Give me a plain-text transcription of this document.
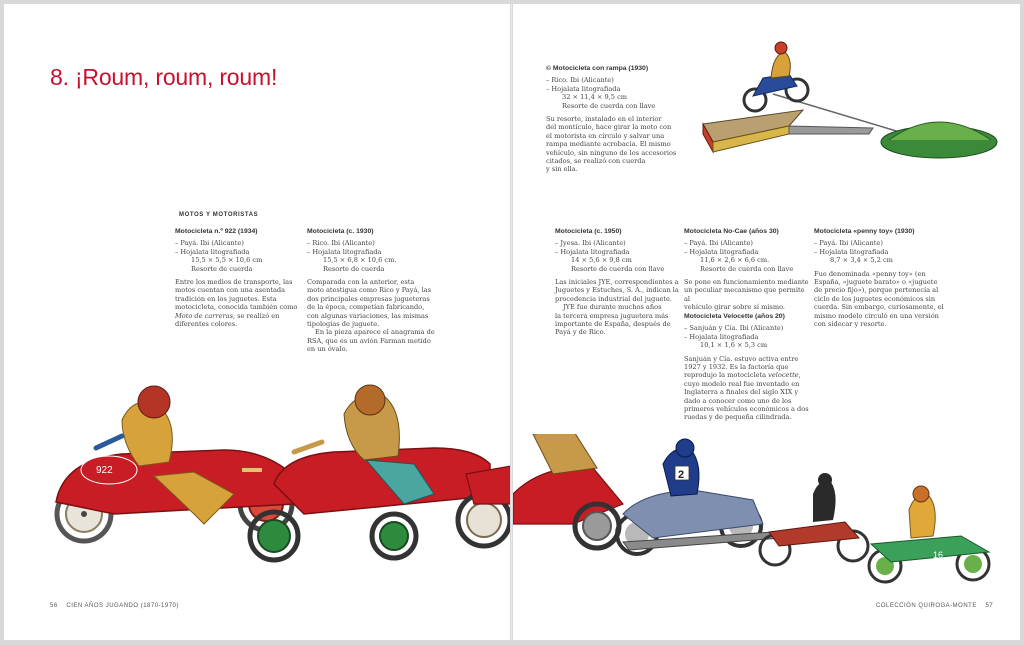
8. ¡Roum, roum, roum!
MOTOS Y MOTORISTAS
Motocicleta n.º 922 (1934)
– Payá. Ibi (Alicante)
– Hojalata litografiada
15,5 × 5,5 × 10,6 cm
Resorte de cuerda

Entre los medios de transporte, las

motos cuentan con una asentada

tradición en los juguetes. Esta

motocicleta, conocida también como

Moto de carreras, se realizó en

diferentes colores.

Motocicleta (c. 1930)
– Rico. Ibi (Alicante)
– Hojalata litografiada
15,5 × 6,8 × 10,6 cm.
Resorte de cuerda

Comparada con la anterior, esta

moto atestigua como Rico y Payá, las

dos principales empresas jugueteras

de la época, competían fabricando,

con algunas variaciones, las mismas

tipologías de juguete.

En la pieza aparece el anagrama de

RSA, que es un avión Farman metido

en un óvalo.

922
56 CIEN AÑOS JUGANDO (1870-1970)
© Motocicleta con rampa (1930)
– Rico. Ibi (Alicante)
– Hojalata litografiada
32 × 11,4 × 9,5 cm
Resorte de cuerda con llave

Su resorte, instalado en el interior

del montículo, hace girar la moto con

el motorista en círculo y salvar una

rampa mediante acrobacia. El mismo

vehículo, sin ninguno de los accesorios

citados, se realizó con cuerda

y sin ella.

Motocicleta (c. 1950)
– Jyesa. Ibi (Alicante)
– Hojalata litografiada
14 × 5,6 × 9,8 cm
Resorte de cuerda con llave

Las iniciales JYE, correspondientes a

Juguetes y Estuches, S. A., indican la

procedencia industrial del juguete.

JYE fue durante muchos años

la tercera empresa juguetera más

importante de España, después de

Payá y de Rico.

Motocicleta No-Cae (años 30)
– Payá. Ibi (Alicante)
– Hojalata litografiada
11,6 × 2,6 × 6,6 cm.
Resorte de cuerda con llave

Se pone en funcionamiento mediante

un peculiar mecanismo que permite al

vehículo girar sobre sí mismo.

Motocicleta Velocette (años 20)
– Sanjuán y Cía. Ibi (Alicante)
– Hojalata litografiada
10,1 × 1,6 × 5,3 cm

Sanjuán y Cía. estuvo activa entre

1927 y 1932. Es la factoría que

reprodujo la motocicleta velocette,

cuyo modelo real fue inventado en

Inglaterra a finales del siglo XIX y

dado a conocer como uno de los

primeros vehículos económicos a dos

ruedas y de pequeña cilindrada.

Motocicleta «penny toy» (1930)
– Payá. Ibi (Alicante)
– Hojalata litografiada
8,7 × 3,4 × 5,2 cm

Fue denominada «penny toy» (en

España, «juguete barato» o «juguete

de precio fijo»), porque pertenecía al

ciclo de los juguetes económicos sin

cuerda. Sin embargo, curiosamente, el

mismo modelo circuló en una versión

con sidecar y resorte.

2
16
COLECCIÓN QUIROGA-MONTE 57
